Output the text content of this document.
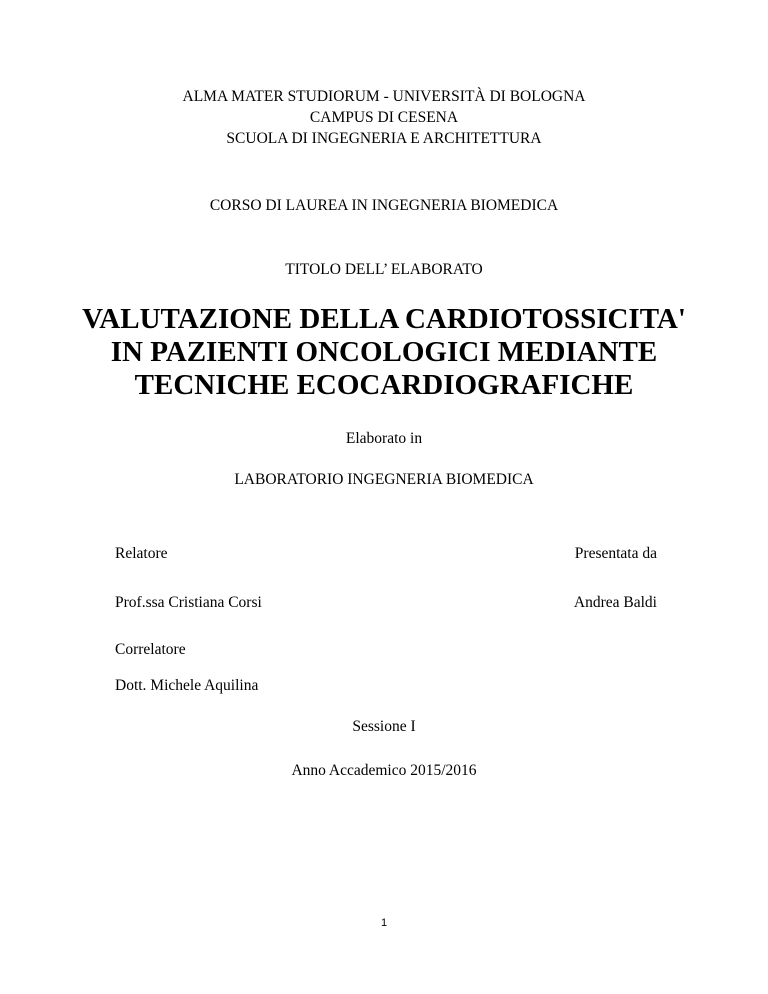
ALMA MATER STUDIORUM - UNIVERSITÀ DI BOLOGNA
CAMPUS DI CESENA
SCUOLA DI INGEGNERIA E ARCHITETTURA
CORSO DI LAUREA IN INGEGNERIA BIOMEDICA
TITOLO DELL’ ELABORATO
VALUTAZIONE DELLA CARDIOTOSSICITA'
IN PAZIENTI ONCOLOGICI MEDIANTE
TECNICHE ECOCARDIOGRAFICHE
Elaborato in
LABORATORIO INGEGNERIA BIOMEDICA
Relatore	Presentata da
Prof.ssa Cristiana Corsi	Andrea Baldi
Correlatore
Dott. Michele Aquilina
Sessione I
Anno Accademico 2015/2016
1
